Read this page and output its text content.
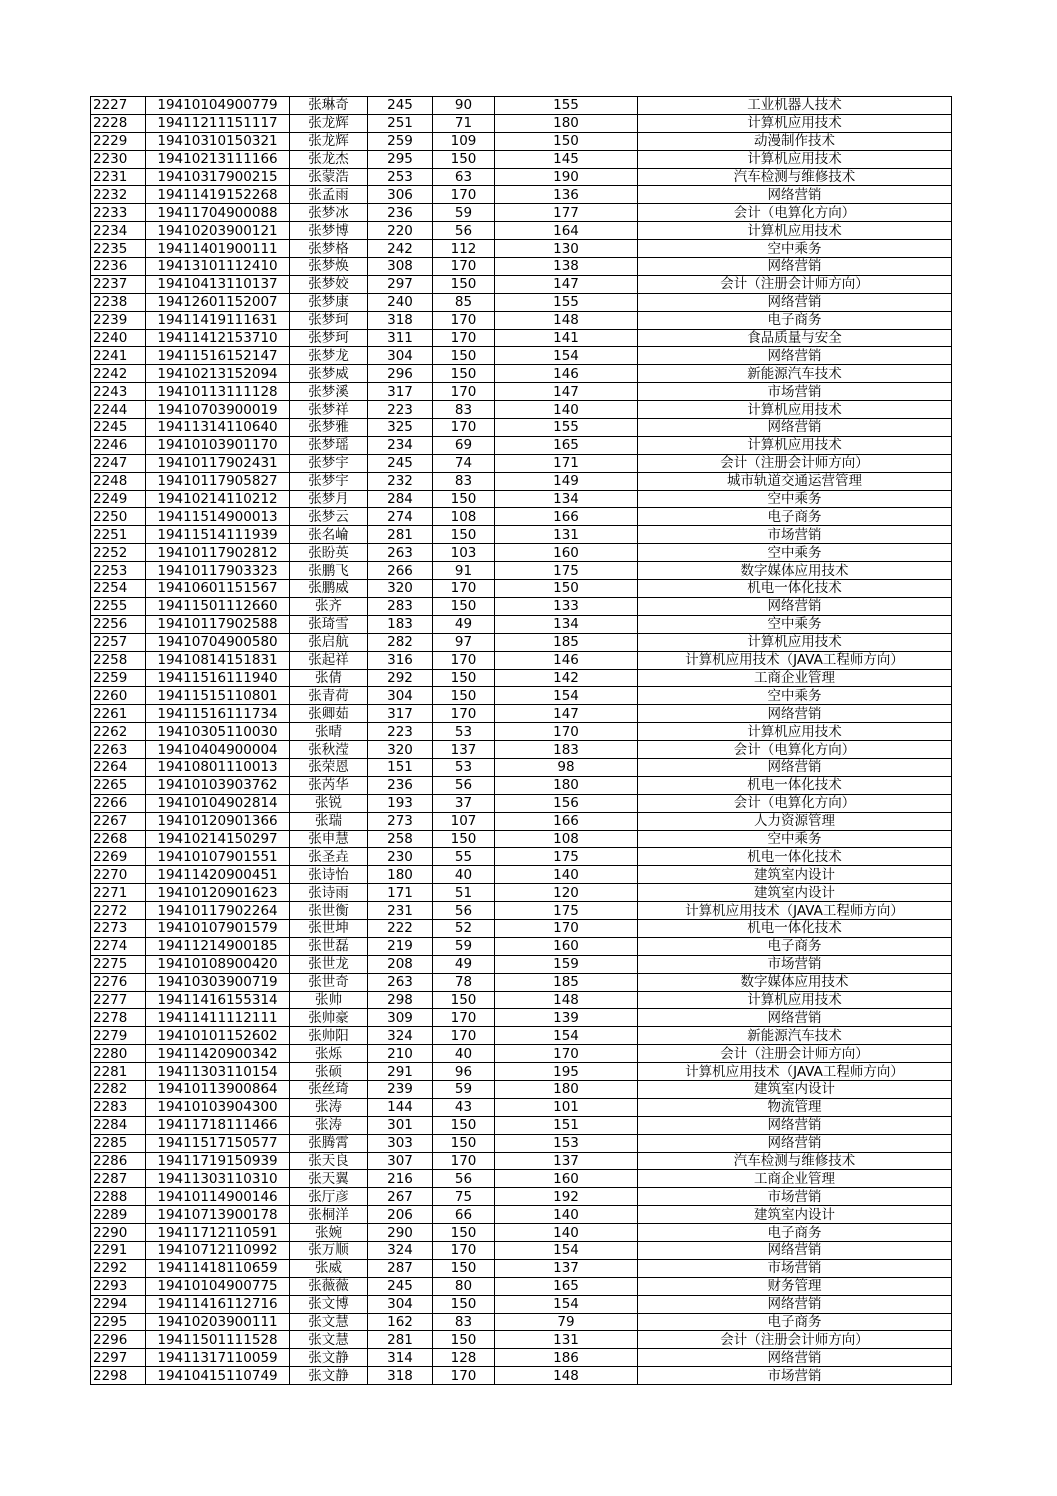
2227	19410104900779	张琳奇	245	90	155	工业机器人技术
2228	19411211151117	张龙辉	251	71	180	计算机应用技术
2229	19410310150321	张龙辉	259	109	150	动漫制作技术
2230	19410213111166	张龙杰	295	150	145	计算机应用技术
2231	19410317900215	张蒙浩	253	63	190	汽车检测与维修技术
2232	19411419152268	张孟雨	306	170	136	网络营销
2233	19411704900088	张梦冰	236	59	177	会计（电算化方向）
2234	19410203900121	张梦博	220	56	164	计算机应用技术
2235	19411401900111	张梦格	242	112	130	空中乘务
2236	19413101112410	张梦焕	308	170	138	网络营销
2237	19410413110137	张梦姣	297	150	147	会计（注册会计师方向）
2238	19412601152007	张梦康	240	85	155	网络营销
2239	19411419111631	张梦珂	318	170	148	电子商务
2240	19411412153710	张梦珂	311	170	141	食品质量与安全
2241	19411516152147	张梦龙	304	150	154	网络营销
2242	19410213152094	张梦威	296	150	146	新能源汽车技术
2243	19410113111128	张梦溪	317	170	147	市场营销
2244	19410703900019	张梦祥	223	83	140	计算机应用技术
2245	19411314110640	张梦雅	325	170	155	网络营销
2246	19410103901170	张梦瑶	234	69	165	计算机应用技术
2247	19410117902431	张梦宇	245	74	171	会计（注册会计师方向）
2248	19410117905827	张梦宇	232	83	149	城市轨道交通运营管理
2249	19410214110212	张梦月	284	150	134	空中乘务
2250	19411514900013	张梦云	274	108	166	电子商务
2251	19411514111939	张名崘	281	150	131	市场营销
2252	19410117902812	张盼英	263	103	160	空中乘务
2253	19410117903323	张鹏飞	266	91	175	数字媒体应用技术
2254	19410601151567	张鹏威	320	170	150	机电一体化技术
2255	19411501112660	张齐	283	150	133	网络营销
2256	19410117902588	张琦雪	183	49	134	空中乘务
2257	19410704900580	张启航	282	97	185	计算机应用技术
2258	19410814151831	张起祥	316	170	146	计算机应用技术（JAVA工程师方向）
2259	19411516111940	张倩	292	150	142	工商企业管理
2260	19411515110801	张青荷	304	150	154	空中乘务
2261	19411516111734	张卿茹	317	170	147	网络营销
2262	19410305110030	张晴	223	53	170	计算机应用技术
2263	19410404900004	张秋滢	320	137	183	会计（电算化方向）
2264	19410801110013	张荣恩	151	53	98	网络营销
2265	19410103903762	张芮华	236	56	180	机电一体化技术
2266	19410104902814	张锐	193	37	156	会计（电算化方向）
2267	19410120901366	张瑞	273	107	166	人力资源管理
2268	19410214150297	张申慧	258	150	108	空中乘务
2269	19410107901551	张圣垚	230	55	175	机电一体化技术
2270	19411420900451	张诗怡	180	40	140	建筑室内设计
2271	19410120901623	张诗雨	171	51	120	建筑室内设计
2272	19410117902264	张世衡	231	56	175	计算机应用技术（JAVA工程师方向）
2273	19410107901579	张世坤	222	52	170	机电一体化技术
2274	19411214900185	张世磊	219	59	160	电子商务
2275	19410108900420	张世龙	208	49	159	市场营销
2276	19410303900719	张世奇	263	78	185	数字媒体应用技术
2277	19411416155314	张帅	298	150	148	计算机应用技术
2278	19411411112111	张帅豪	309	170	139	网络营销
2279	19410101152602	张帅阳	324	170	154	新能源汽车技术
2280	19411420900342	张烁	210	40	170	会计（注册会计师方向）
2281	19411303110154	张硕	291	96	195	计算机应用技术（JAVA工程师方向）
2282	19410113900864	张丝琦	239	59	180	建筑室内设计
2283	19410103904300	张涛	144	43	101	物流管理
2284	19411718111466	张涛	301	150	151	网络营销
2285	19411517150577	张腾霄	303	150	153	网络营销
2286	19411719150939	张天良	307	170	137	汽车检测与维修技术
2287	19411303110310	张天翼	216	56	160	工商企业管理
2288	19410114900146	张厅彦	267	75	192	市场营销
2289	19410713900178	张桐洋	206	66	140	建筑室内设计
2290	19411712110591	张婉	290	150	140	电子商务
2291	19410712110992	张万顺	324	170	154	网络营销
2292	19411418110659	张威	287	150	137	市场营销
2293	19410104900775	张薇薇	245	80	165	财务管理
2294	19411416112716	张文博	304	150	154	网络营销
2295	19410203900111	张文慧	162	83	79	电子商务
2296	19411501111528	张文慧	281	150	131	会计（注册会计师方向）
2297	19411317110059	张文静	314	128	186	网络营销
2298	19410415110749	张文静	318	170	148	市场营销
